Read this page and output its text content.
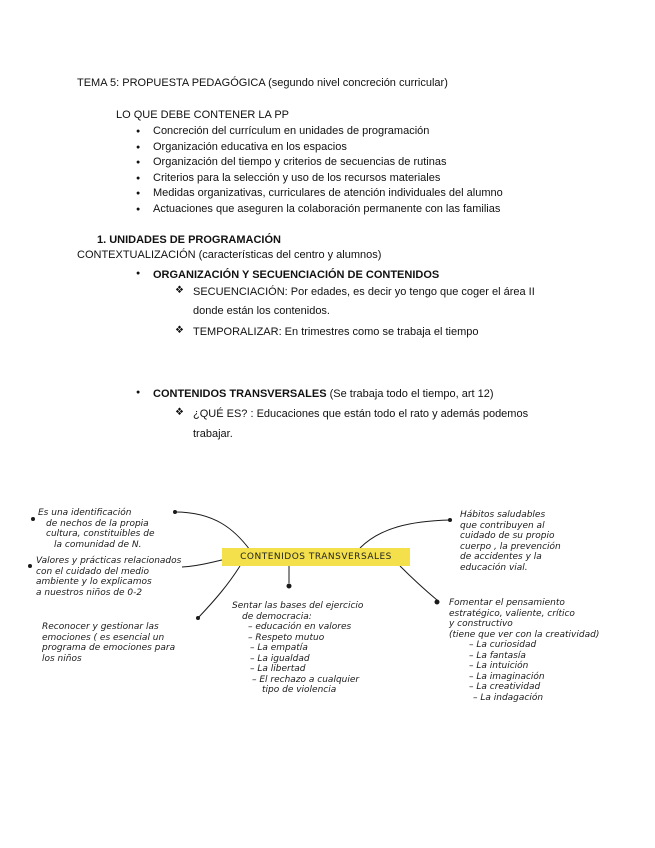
TEMA 5: PROPUESTA PEDAGÓGICA (segundo nivel concreción curricular)
LO QUE DEBE CONTENER LA PP
● Concreción del currículum en unidades de programación
● Organización educativa en los espacios
● Organización del tiempo y criterios de secuencias de rutinas
● Criterios para la selección y uso de los recursos materiales
● Medidas organizativas, curriculares de atención individuales del alumno
● Actuaciones que aseguren la colaboración permanente con las familias
1. UNIDADES DE PROGRAMACIÓN
CONTEXTUALIZACIÓN (características del centro y alumnos)
● ORGANIZACIÓN Y SECUENCIACIÓN DE CONTENIDOS
❖ SECUENCIACIÓN: Por edades, es decir yo tengo que coger el área II
donde están los contenidos.
❖ TEMPORALIZAR: En trimestres como se trabaja el tiempo
● CONTENIDOS TRANSVERSALES (Se trabaja todo el tiempo, art 12)
❖ ¿QUÉ ES? : Educaciones que están todo el rato y además podemos
trabajar.
CONTENIDOS TRANSVERSALES
Es una identificación
de nechos de la propia
cultura, constituibles de
la comunidad de N.
Valores y prácticas relacionados
con el cuidado del medio
ambiente y lo explicamos
a nuestros niños de 0-2
Reconocer y gestionar las
emociones ( es esencial un
programa de emociones para
los niños
Sentar las bases del ejercicio
de democracia:
– educación en valores
– Respeto mutuo
– La empatía
– La igualdad
– La libertad
– El rechazo a cualquier
tipo de violencia
Hábitos saludables
que contribuyen al
cuidado de su propio
cuerpo , la prevención
de accidentes y la
educación vial.
Fomentar el pensamiento
estratégico, valiente, crítico
y constructivo
(tiene que ver con la creatividad)
– La curiosidad
– La fantasía
– La intuición
– La imaginación
– La creatividad
– La indagación
